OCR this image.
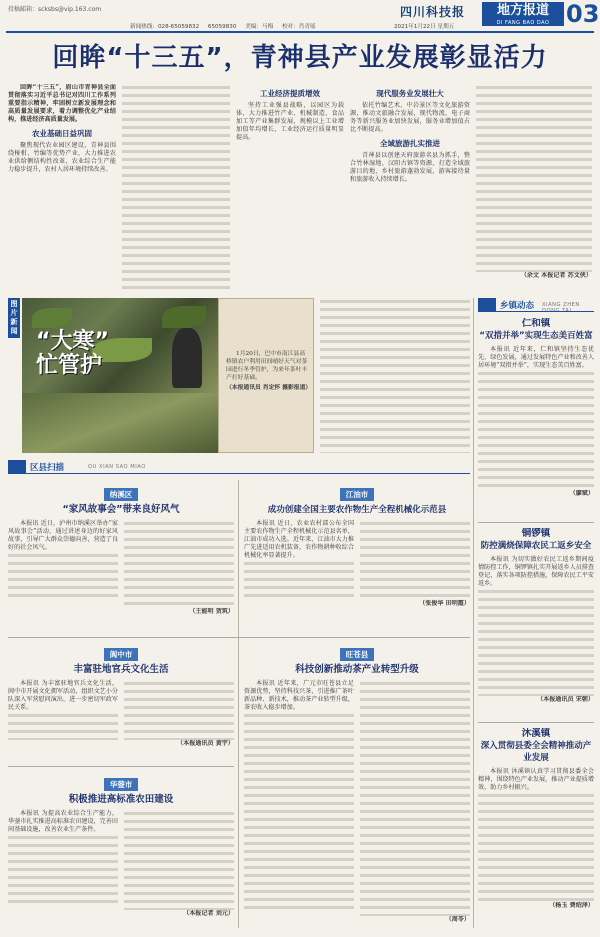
投稿邮箱：scksbs@vip.163.com
新闻热线：028-65059832 65059830 美编：马梅 校对：肖青瑶
四川科技报
2021年1月22日 星期五
地方报道
DI FANG BAO DAO 03
回眸“十三五”，青神县产业发展彰显活力

回眸“十三五”，眉山市青神县全面贯彻落实习近平总书记对四川工作系列重要指示精神，牢固树立新发展理念和高质量发展要求，着力调整优化产业结构，推进经济高质量发展。

农业基础日益巩固

聚焦现代农业园区建设，青神县围绕椪柑、竹编等优势产业，大力推进农业供给侧结构性改革，农业综合生产能力稳步提升，农村人居环境持续改善。

工业经济提质增效

坚持工业强县战略，以园区为载体，大力推进竹产业、机械制造、食品加工等产业集群发展，规模以上工业增加值年均增长，工业经济运行质量明显提高。

现代服务业发展壮大

依托竹编艺术、中岩景区等文化旅游资源，推动文旅融合发展，现代物流、电子商务等新兴服务业加快发展，服务业增加值占比不断提高。

全域旅游扎实推进

青神县以创建天府旅游名县为抓手，整合竹林湿地、汉阳古镇等资源，打造全域旅游目的地，乡村旅游蓬勃发展，游客接待量和旅游收入持续增长。

（余文 本报记者 苏文侠）

图片新闻 “大寒”
忙管护	1月20日，巴中市南江县高桥镇农户利用田间晴好天气对茶园进行冬季管护，为来年茶叶丰产打好基础。
（本报通讯员 肖定怀 摄影报道）
乡镇动态 XIANG ZHEN
仁和镇
“双措并举”实现生态美百姓富

本报讯 近年来，仁和镇坚持生态优先、绿色发展，通过发展特色产业和改善人居环境“双措并举”，实现生态美百姓富。

（廖斌）

铜锣镇
防控满烧保障农民工返乡安全

本报讯 为切实做好农民工返乡期间疫情防控工作，铜锣镇扎实开展返乡人员排查登记，落实各项防控措施，保障农民工平安返乡。

（本报通讯员 宋朝）

沐溪镇
深入贯彻县委全会精神推动产业发展

本报讯 沐溪镇认真学习贯彻县委全会精神，围绕特色产业发展，推动产业提质增效，助力乡村振兴。

（杨玉 费绍泽）

区县扫描	QU XIAN SAO MIAO
纳溪区
“家风故事会”带来良好风气

本报讯 近日，泸州市纳溪区举办“家风故事会”活动，通过讲述身边的好家风故事，引导广大群众崇德向善，营造了良好的社会风气。

（王能明 贺筑）

江油市
成功创建全国主要农作物生产全程机械化示范县

本报讯 近日，农业农村部公布全国主要农作物生产全程机械化示范县名单，江油市成功入选。近年来，江油市大力推广先进适用农机装备，农作物耕种收综合机械化率显著提升。

（张俊华 田明霞）

阆中市
丰富驻地官兵文化生活

本报讯 为丰富驻地官兵文化生活，阆中市开展文化拥军活动，组织文艺小分队深入军营慰问演出，进一步密切军政军民关系。

（本报通讯员 黄宇）

华蓥市
积极推进高标准农田建设

本报讯 为提高农业综合生产能力，华蓥市扎实推进高标准农田建设，完善田间基础设施，改善农业生产条件。

（本报记者 刘元）

旺苍县
科技创新推动茶产业转型升级

本报讯 近年来，广元市旺苍县立足资源优势，坚持科技兴茶，引进推广茶叶新品种、新技术，推动茶产业转型升级，茶农收入稳步增加。

（周苓）
